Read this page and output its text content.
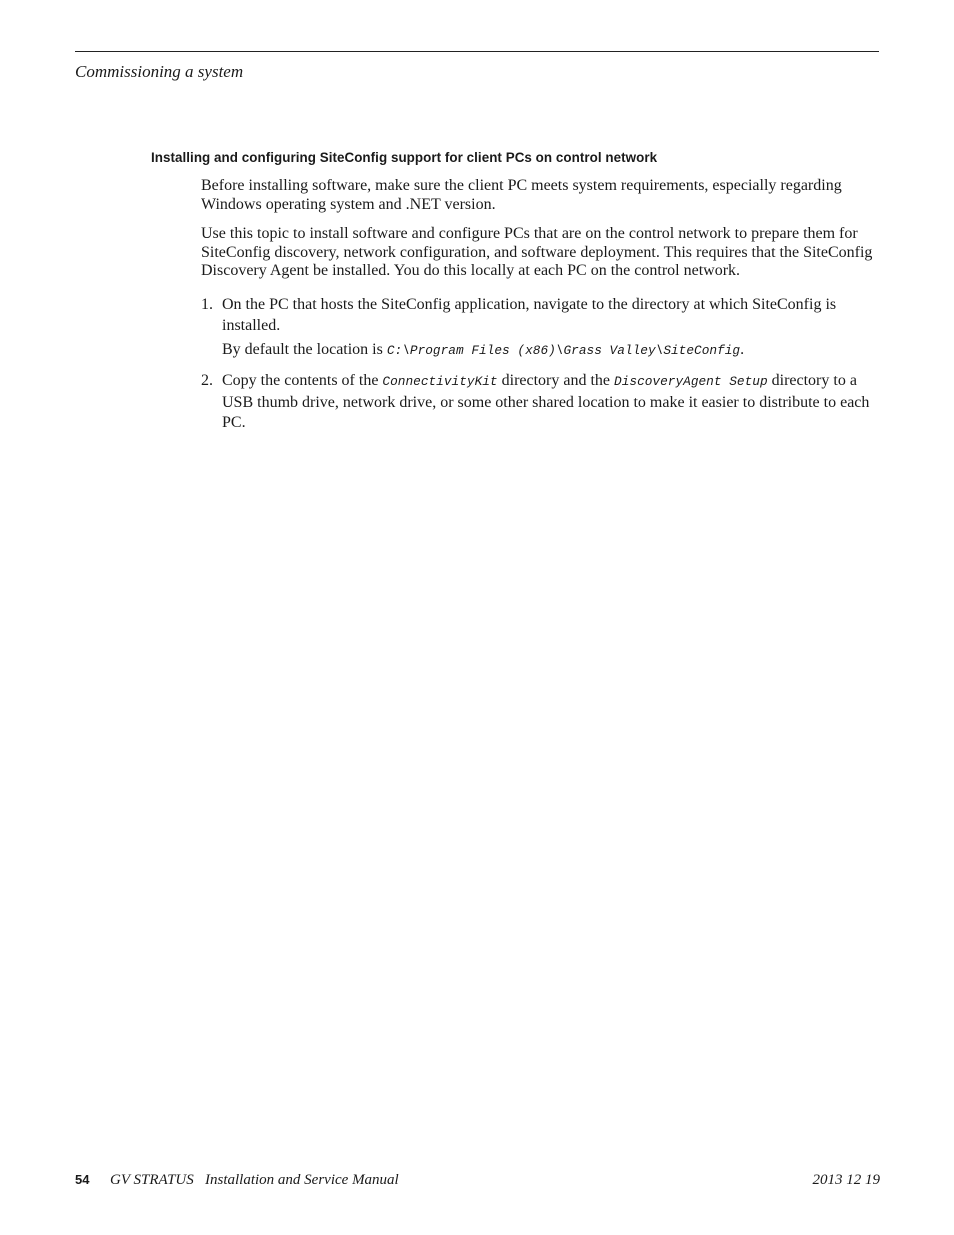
Commissioning a system
Installing and configuring SiteConfig support for client PCs on control network
Before installing software, make sure the client PC meets system requirements, especially regarding Windows operating system and .NET version.
Use this topic to install software and configure PCs that are on the control network to prepare them for SiteConfig discovery, network configuration, and software deployment. This requires that the SiteConfig Discovery Agent be installed. You do this locally at each PC on the control network.
1. On the PC that hosts the SiteConfig application, navigate to the directory at which SiteConfig is installed.
By default the location is C:\Program Files (x86)\Grass Valley\SiteConfig.
2. Copy the contents of the ConnectivityKit directory and the DiscoveryAgent Setup directory to a USB thumb drive, network drive, or some other shared location to make it easier to distribute to each PC.
54 GV STRATUS   Installation and Service Manual	2013 12 19
